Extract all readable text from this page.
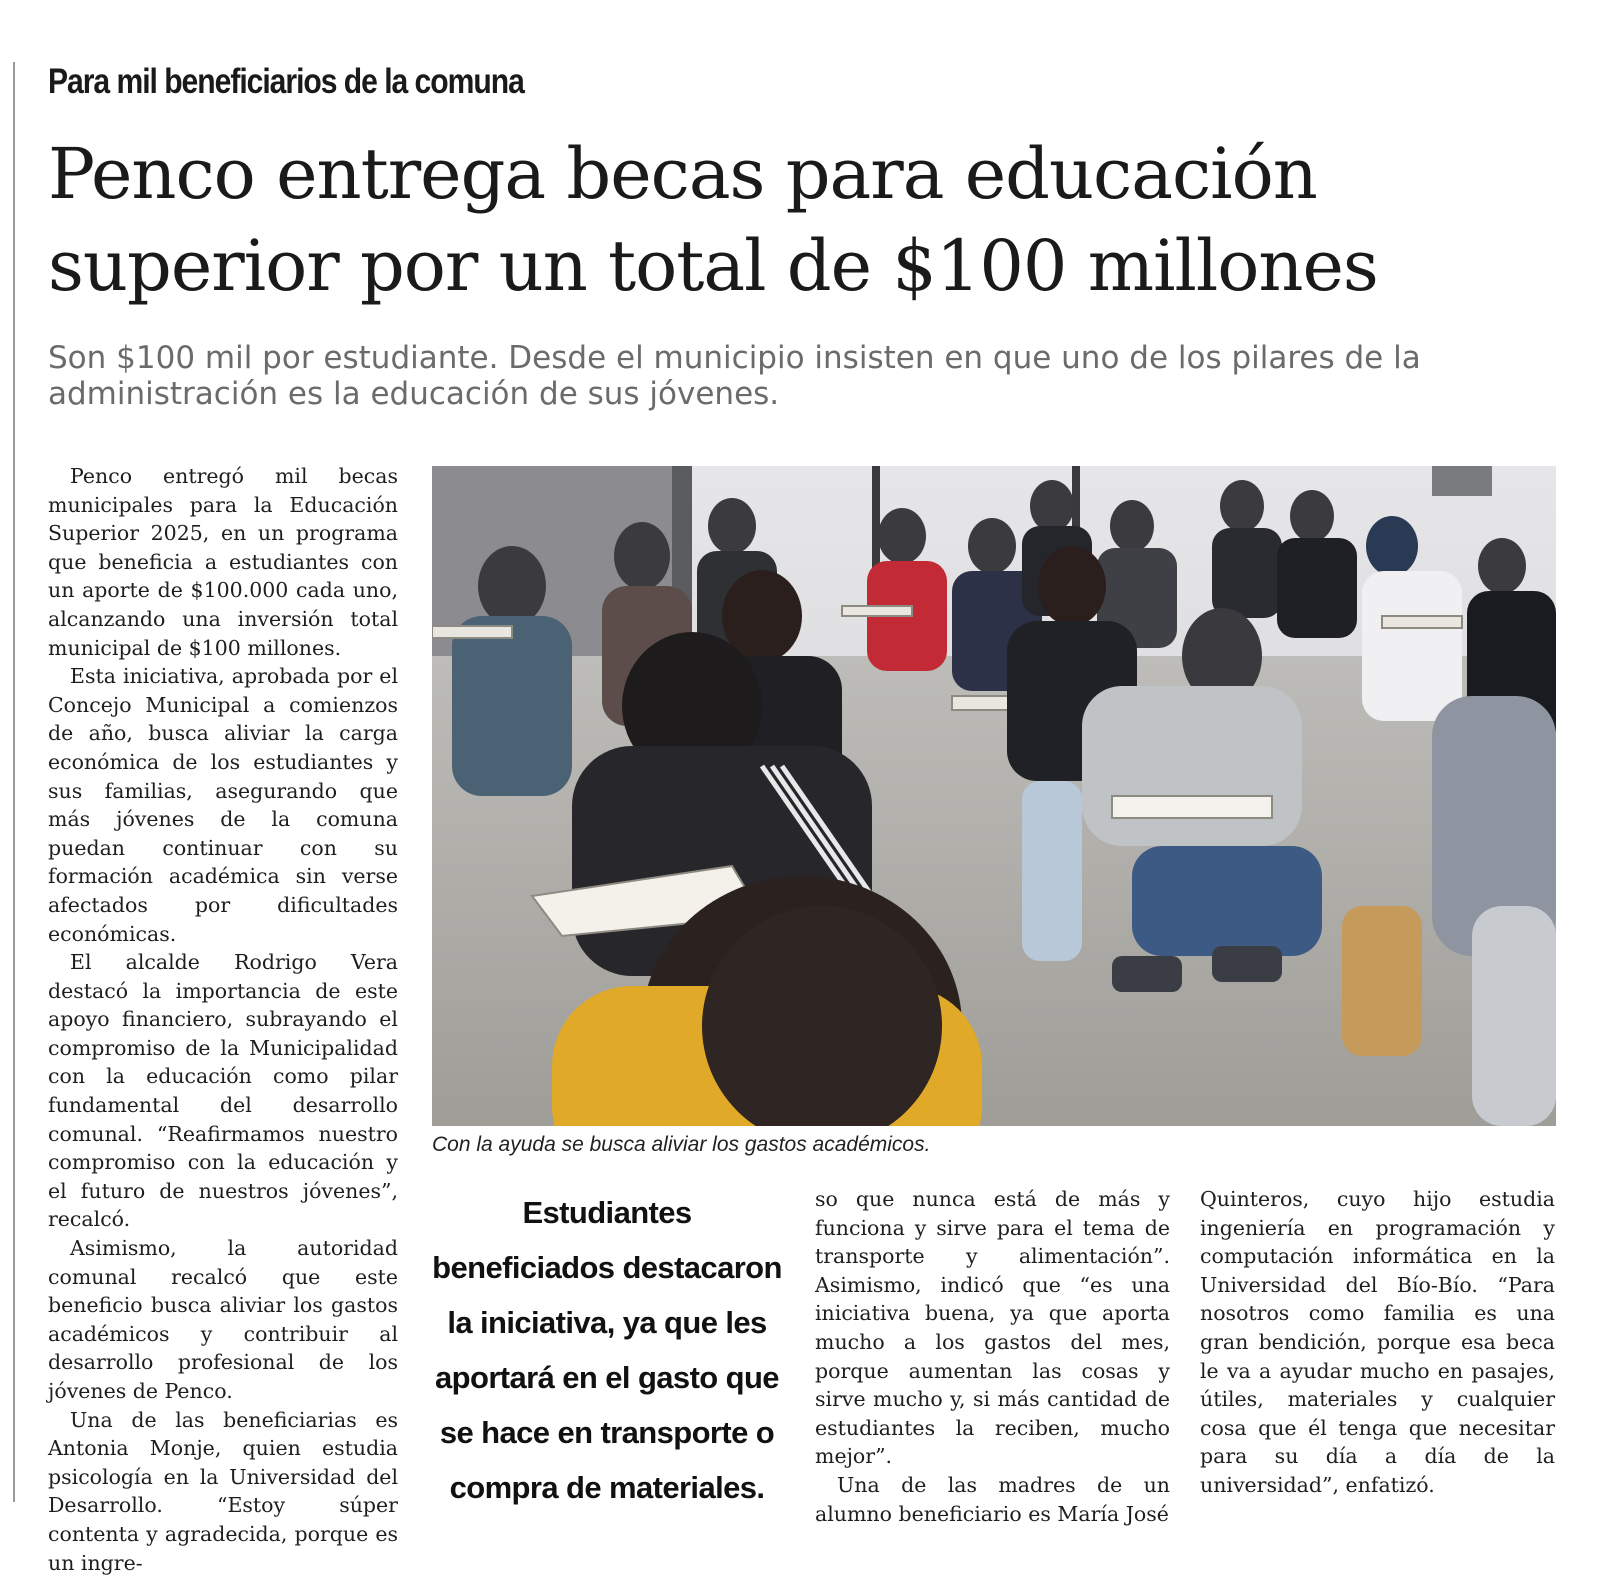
Para mil beneficiarios de la comuna
Penco entrega becas para educación
superior por un total de $100 millones

Son $100 mil por estudiante. Desde el municipio insisten en que uno de los pilares de la administración es la educación de sus jóvenes.

Penco entregó mil becas municipales para la Educación Superior 2025, en un programa que beneficia a estudiantes con un aporte de $100.000 cada uno, alcanzando una inversión total municipal de $100 millones.

Esta iniciativa, aprobada por el Concejo Municipal a comienzos de año, busca aliviar la carga económica de los estudiantes y sus familias, asegurando que más jóvenes de la comuna puedan continuar con su formación académica sin verse afectados por dificultades económicas.

El alcalde Rodrigo Vera destacó la importancia de este apoyo financiero, subrayando el compromiso de la Municipalidad con la educación como pilar fundamental del desarrollo comunal. “Reafirmamos nuestro compromiso con la educación y el futuro de nuestros jóvenes”, recalcó.

Asimismo, la autoridad comunal recalcó que este beneficio busca aliviar los gastos académicos y contribuir al desarrollo profesional de los jóvenes de Penco.

Una de las beneficiarias es Antonia Monje, quien estudia psicología en la Universidad del Desarrollo. “Estoy súper contenta y agradecida, porque es un ingre-

Con la ayuda se busca aliviar los gastos académicos.
Estudiantes beneficiados destacaron la iniciativa, ya que les aportará en el gasto que se hace en transporte o compra de materiales.

so que nunca está de más y funciona y sirve para el tema de transporte y alimentación”. Asimismo, indicó que “es una iniciativa buena, ya que aporta mucho a los gastos del mes, porque aumentan las cosas y sirve mucho y, si más cantidad de estudiantes la reciben, mucho mejor”.

Una de las madres de un alumno beneficiario es María José

Quinteros, cuyo hijo estudia ingeniería en programación y computación informática en la Universidad del Bío-Bío. “Para nosotros como familia es una gran bendición, porque esa beca le va a ayudar mucho en pasajes, útiles, materiales y cualquier cosa que él tenga que necesitar para su día a día de la universidad”, enfatizó.
